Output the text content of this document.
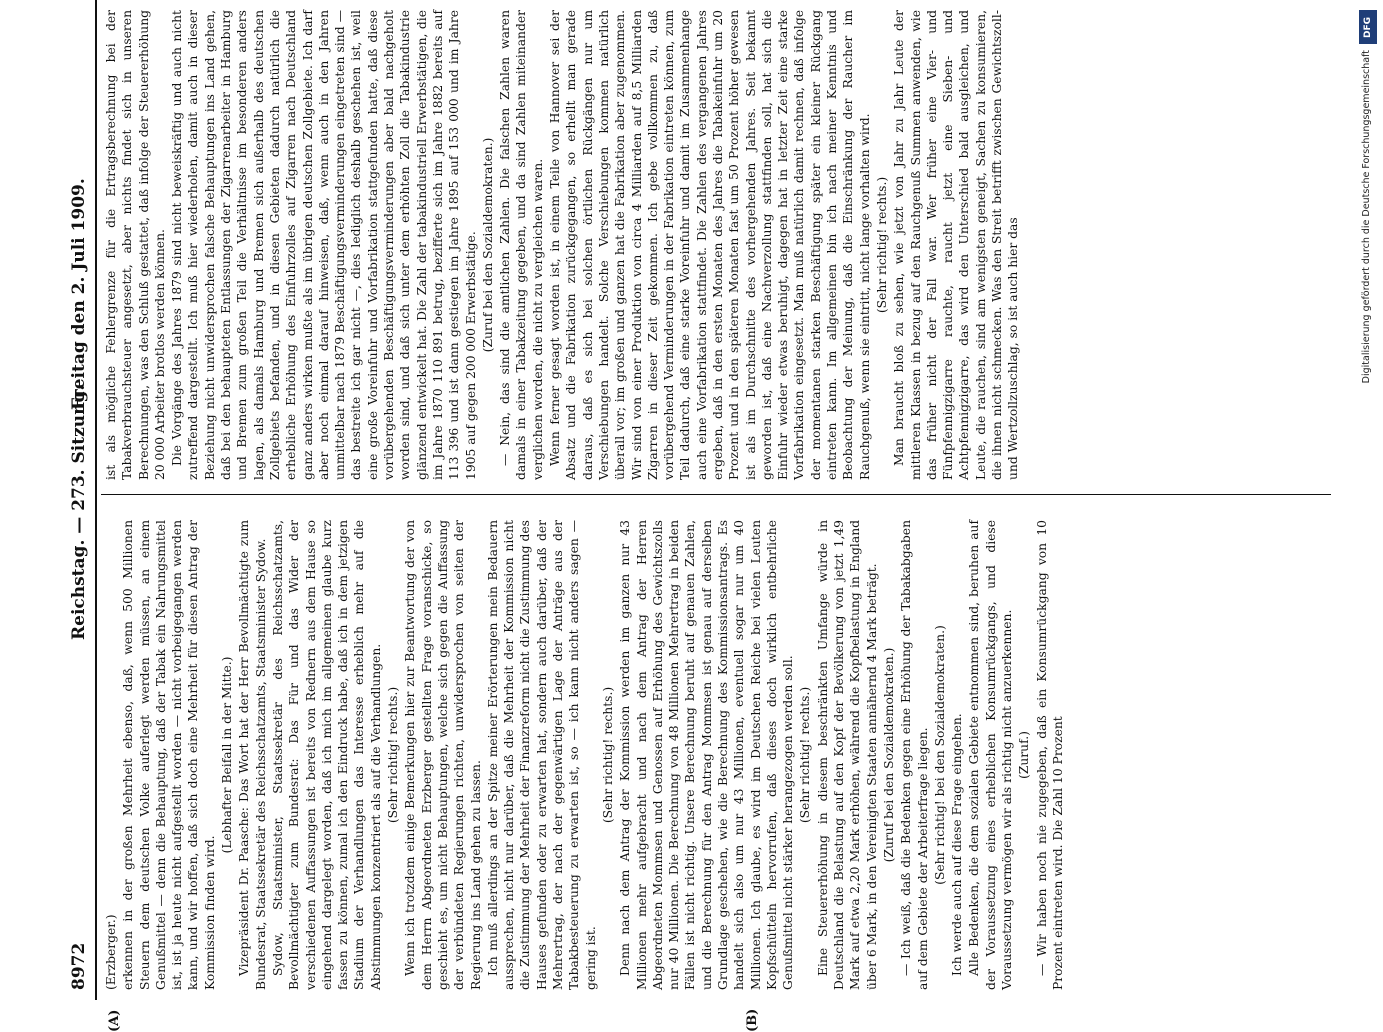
8972
Reichstag. — 273. Sitzung.
Freitag den 2. Juli 1909.
(A)	(B)

(Erzberger.) erkennen in der großen Mehrheit ebenso, daß, wenn 500 Millionen Steuern dem deutschen Volke auferlegt werden müssen, an einem Genußmittel — denn die Behauptung, daß der Tabak ein Nahrungsmittel ist, ist ja heute nicht aufgestellt worden — nicht vorbeigegangen werden kann, und wir hoffen, daß sich doch eine Mehrheit für diesen Antrag der Kommission finden wird.

(Lebhafter Beifall in der Mitte.) Vizepräsident Dr. Paasche: Das Wort hat der Herr Bevollmächtigte zum Bundesrat, Staatssekretär des Reichsschatzamts, Staatsminister Sydow. Sydow, Staatsminister, Staatssekretär des Reichsschatzamts, Bevollmächtigter zum Bundesrat: Das Für und das Wider der verschiedenen Auffassungen ist bereits von Rednern aus dem Hause so eingehend dargelegt worden, daß ich mich im allgemeinen glaube kurz fassen zu können, zumal ich den Eindruck habe, daß ich in dem jetzigen Stadium der Verhandlungen das Interesse erheblich mehr auf die Abstimmungen konzentriert als auf die Verhandlungen. (Sehr richtig! rechts.) Wenn ich trotzdem einige Bemerkungen hier zur Beantwortung der von dem Herrn Abgeordneten Erzberger gestellten Frage voranschicke, so geschieht es, um nicht Behauptungen, welche sich gegen die Auffassung der verbündeten Regierungen richten, unwidersprochen von seiten der Regierung ins Land gehen zu lassen. Ich muß allerdings an der Spitze meiner Erörterungen mein Bedauern aussprechen, nicht nur darüber, daß die Mehrheit der Kommission nicht die Zustimmung der Mehrheit der Finanzreform nicht die Zustimmung des Hauses gefunden oder zu erwarten hat, sondern auch darüber, daß der Mehrertrag, der nach der gegenwärtigen Lage der Anträge aus der Tabakbesteuerung zu erwarten ist, so — ich kann nicht anders sagen — gering ist.

(Sehr richtig! rechts.) Denn nach dem Antrag der Kommission werden im ganzen nur 43 Millionen mehr aufgebracht und nach dem Antrag der Herren Abgeordneten Mommsen und Genossen auf Erhöhung des Gewichtszolls nur 40 Millionen. Die Berechnung von 48 Millionen Mehrertrag in beiden Fällen ist nicht richtig. Unsere Berechnung beruht auf genauen Zahlen, und die Berechnung für den Antrag Mommsen ist genau auf derselben Grundlage geschehen, wie die Berechnung des Kommissionsantrags. Es handelt sich also um nur 43 Millionen, eventuell sogar nur um 40 Millionen. Ich glaube, es wird im Deutschen Reiche bei vielen Leuten Kopfschütteln hervorrufen, daß dieses doch wirklich entbehrliche Genußmittel nicht stärker herangezogen werden soll. (Sehr richtig! rechts.) Eine Steuererhöhung in diesem beschränkten Umfange würde in Deutschland die Belastung auf den Kopf der Bevölkerung von jetzt 1,49 Mark auf etwa 2,20 Mark erhöhen, während die Kopfbelastung in England über 6 Mark, in den Vereinigten Staaten annähernd 4 Mark beträgt. (Zuruf bei den Sozialdemokraten.) — Ich weiß, daß die Bedenken gegen eine Erhöhung der Tabakabgaben auf dem Gebiete der Arbeiterfrage liegen. (Sehr richtig! bei den Sozialdemokraten.) Ich werde auch auf diese Frage eingehen. Alle Bedenken, die dem sozialen Gebiete entnommen sind, beruhen auf der Voraussetzung eines erheblichen Konsumrückgangs, und diese Voraussetzung vermögen wir als richtig nicht anzuerkennen. (Zuruf.) — Wir haben noch nie zugegeben, daß ein Konsumrückgang von 10 Prozent eintreten wird. Die Zahl 10 Prozent

ist als mögliche Fehlergrenze für die Ertragsberechnung bei der Tabakverbrauchsteuer angesetzt, aber nichts findet sich in unseren Berechnungen, was den Schluß gestattet, daß infolge der Steuererhöhung 20 000 Arbeiter brotlos werden können. Die Vorgänge des Jahres 1879 sind nicht beweiskräftig und auch nicht zutreffend dargestellt. Ich muß hier wiederholen, damit auch in dieser Beziehung nicht unwidersprochen falsche Behauptungen ins Land gehen, daß bei den behaupteten Entlassungen der Zigarrenarbeiter in Hamburg und Bremen zum großen Teil die Verhältnisse im besonderen anders lagen, als damals Hamburg und Bremen sich außerhalb des deutschen Zollgebiets befanden, und in diesen Gebieten dadurch natürlich die erhebliche Erhöhung des Einfuhrzolles auf Zigarren nach Deutschland ganz anders wirken mußte als im übrigen deutschen Zollgebiete. Ich darf aber noch einmal darauf hinweisen, daß, wenn auch in den Jahren unmittelbar nach 1879 Beschäftigungsverminderungen eingetreten sind — das bestreite ich gar nicht —, dies lediglich deshalb geschehen ist, weil eine große Voreinfuhr und Vorfabrikation stattgefunden hatte, daß diese vorübergehenden Beschäftigungsverminderungen aber bald nachgeholt worden sind, und daß sich unter dem erhöhten Zoll die Tabakindustrie glänzend entwickelt hat. Die Zahl der tabakindustriell Erwerbstätigen, die im Jahre 1870 110 891 betrug, bezifferte sich im Jahre 1882 bereits auf 113 396 und ist dann gestiegen im Jahre 1895 auf 153 000 und im Jahre 1905 auf gegen 200 000 Erwerbstätige. (Zuruf bei den Sozialdemokraten.) — Nein, das sind die amtlichen Zahlen. Die falschen Zahlen waren damals in einer Tabakzeitung gegeben, und da sind Zahlen miteinander verglichen worden, die nicht zu vergleichen waren. Wenn ferner gesagt worden ist, in einem Teile von Hannover sei der Absatz und die Fabrikation zurückgegangen, so erhellt man gerade daraus, daß es sich bei solchen örtlichen Rückgängen nur um Verschiebungen handelt. Solche Verschiebungen kommen natürlich überall vor; im großen und ganzen hat die Fabrikation aber zugenommen. Wir sind von einer Produktion von circa 4 Milliarden auf 8,5 Milliarden Zigarren in dieser Zeit gekommen. Ich gebe vollkommen zu, daß vorübergehend Verminderungen in der Fabrikation eintreten können, zum Teil dadurch, daß eine starke Voreinfuhr und damit im Zusammenhange auch eine Vorfabrikation stattfindet. Die Zahlen des vergangenen Jahres ergeben, daß in den ersten Monaten des Jahres die Tabakeinfuhr um 20 Prozent und in den späteren Monaten fast um 50 Prozent höher gewesen ist als im Durchschnitte des vorhergehenden Jahres. Seit bekannt geworden ist, daß eine Nachverzollung stattfinden soll, hat sich die Einfuhr wieder etwas beruhigt, dagegen hat in letzter Zeit eine starke Vorfabrikation eingesetzt. Man muß natürlich damit rechnen, daß infolge der momentanen starken Beschäftigung später ein kleiner Rückgang eintreten kann. Im allgemeinen bin ich nach meiner Kenntnis und Beobachtung der Meinung, daß die Einschränkung der Raucher im Rauchgenuß, wenn sie eintritt, nicht lange vorhalten wird. (Sehr richtig! rechts.) Man braucht bloß zu sehen, wie jetzt von Jahr zu Jahr Leute der mittleren Klassen in bezug auf den Rauchgenuß Summen anwenden, wie das früher nicht der Fall war. Wer früher eine Vier- und Fünfpfennigzigarre rauchte, raucht jetzt eine Sieben- und Achtpfennigzigarre, das wird den Unterschied bald ausgleichen, und Leute, die rauchen, sind am wenigsten geneigt, Sachen zu konsumieren, die ihnen nicht schmecken. Was den Streit betrifft zwischen Gewichtszoll- und Wertzollzuschlag, so ist auch hier das

DFG
Digitalisierung gefördert durch die Deutsche Forschungsgemeinschaft
